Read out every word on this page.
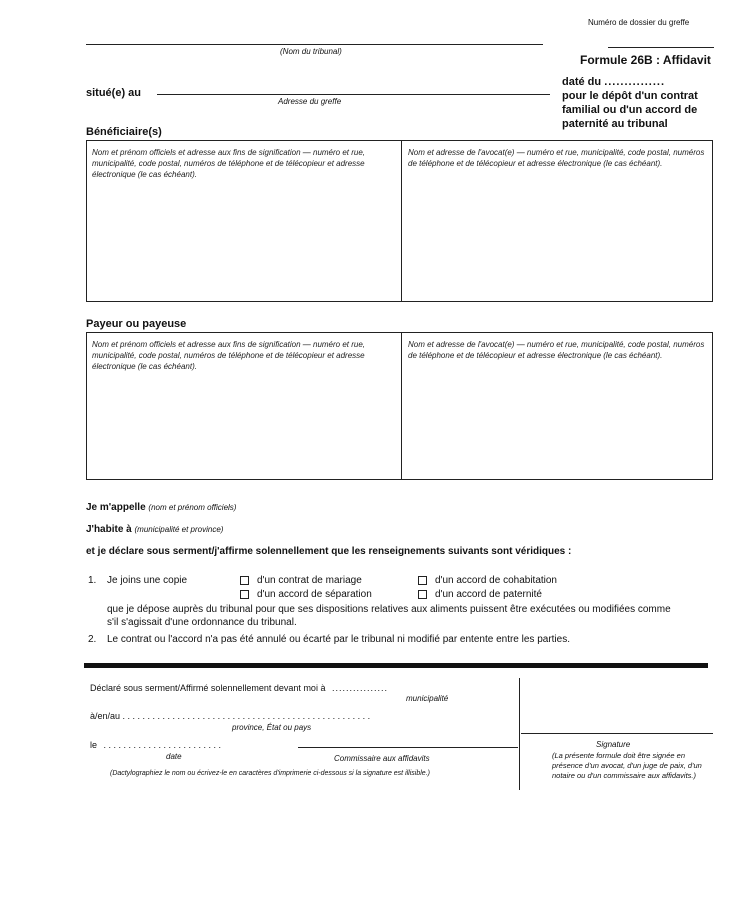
Numéro de dossier du greffe
(Nom du tribunal)
Formule 26B : Affidavit
situé(e) au
Adresse du greffe
daté du ...............
pour le dépôt d'un contrat
familial ou d'un accord de
paternité au tribunal
Bénéficiaire(s)
Nom et prénom officiels et adresse aux fins de signification — numéro et rue, municipalité, code postal, numéros de téléphone et de télécopieur et adresse électronique (le cas échéant).
Nom et adresse de l'avocat(e) — numéro et rue, municipalité, code postal, numéros de téléphone et de télécopieur et adresse électronique (le cas échéant).
Payeur ou payeuse
Nom et prénom officiels et adresse aux fins de signification — numéro et rue, municipalité, code postal, numéros de téléphone et de télécopieur et adresse électronique (le cas échéant).
Nom et adresse de l'avocat(e) — numéro et rue, municipalité, code postal, numéros de téléphone et de télécopieur et adresse électronique (le cas échéant).
Je m'appelle (nom et prénom officiels)
J'habite à (municipalité et province)
et je déclare sous serment/j'affirme solennellement que les renseignements suivants sont véridiques :
1. Je joins une copie	d'un contrat de mariage	d'un accord de cohabitation
d'un accord de séparation	d'un accord de paternité
que je dépose auprès du tribunal pour que ses dispositions relatives aux aliments puissent être exécutées ou modifiées comme
s'il s'agissait d'une ordonnance du tribunal.
2. Le contrat ou l'accord n'a pas été annulé ou écarté par le tribunal ni modifié par entente entre les parties.
Déclaré sous serment/Affirmé solennellement devant moi à ................
municipalité
à/en/au . . . . . . . . . . . . . . . . . . . . . . . . . . . . . . . . . . . . . . . . . . . . . . . . . .
province, État ou pays
le . . . . . . . . . . . . . . . . . . . . . . . .
date	Commissaire aux affidavits
(Dactylographiez le nom ou écrivez-le en caractères d'imprimerie ci-dessous si la signature est illisible.)
Signature
(La présente formule doit être signée en présence d'un avocat, d'un juge de paix, d'un notaire ou d'un commissaire aux affidavits.)
